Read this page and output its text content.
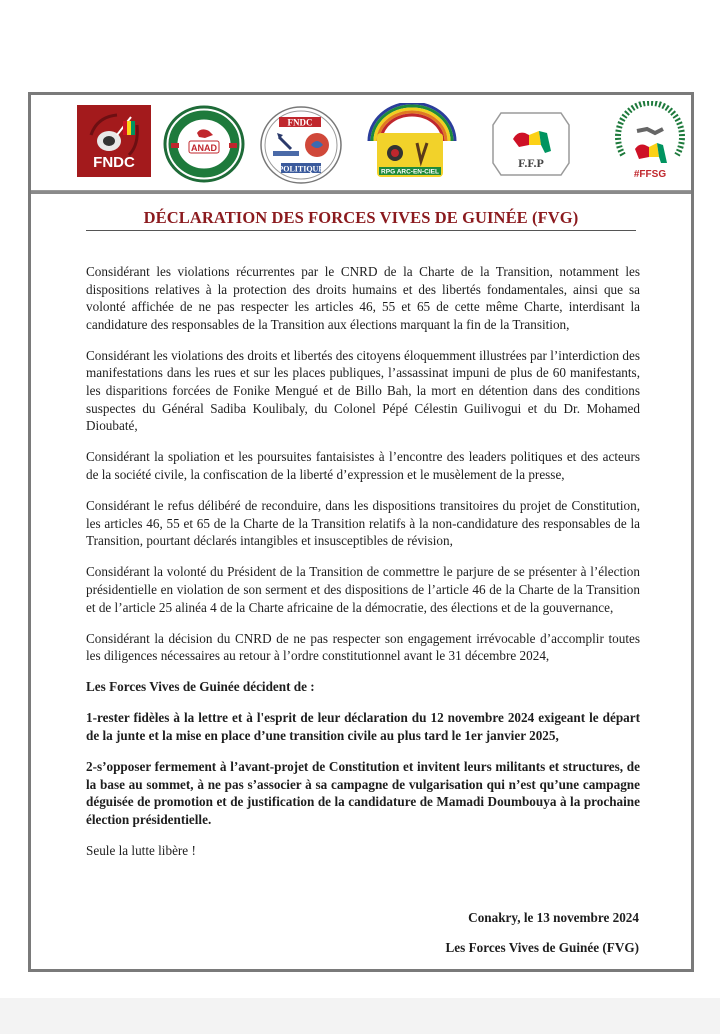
FNDC
ANAD
FNDC
POLITIQUE	RPG ARC-EN-CIEL
F.F.P
#FFSG
DÉCLARATION DES FORCES VIVES DE GUINÉE (FVG)

Considérant les violations récurrentes par le CNRD de la Charte de la Transition, notamment les dispositions relatives à la protection des droits humains et des libertés fondamentales, ainsi que sa volonté affichée de ne pas respecter les articles 46, 55 et 65 de cette même Charte, interdisant la candidature des responsables de la Transition aux élections marquant la fin de la Transition,

Considérant les violations des droits et libertés des citoyens éloquemment illustrées par l’interdiction des manifestations dans les rues et sur les places publiques, l’assassinat impuni de plus de 60 manifestants, les disparitions forcées de Fonike Mengué et de Billo Bah, la mort en détention dans des conditions suspectes du Général Sadiba Koulibaly, du Colonel Pépé Célestin Guilivogui et du Dr. Mohamed Dioubaté,

Considérant la spoliation et les poursuites fantaisistes à l’encontre des leaders politiques et des acteurs de la société civile, la confiscation de la liberté d’expression et le musèlement de la presse,

Considérant le refus délibéré de reconduire, dans les dispositions transitoires du projet de Constitution, les articles 46, 55 et 65 de la Charte de la Transition relatifs à la non-candidature des responsables de la Transition, pourtant déclarés intangibles et insusceptibles de révision,

Considérant la volonté du Président de la Transition de commettre le parjure de se présenter à l’élection présidentielle en violation de son serment et des dispositions de l’article 46 de la Charte de la Transition et de l’article 25 alinéa 4 de la Charte africaine de la démocratie, des élections et de la gouvernance,

Considérant la décision du CNRD de ne pas respecter son engagement irrévocable d’accomplir toutes les diligences nécessaires au retour à l’ordre constitutionnel avant le 31 décembre 2024,

Les Forces Vives de Guinée décident de :

1-rester fidèles à la lettre et à l'esprit de leur déclaration du 12 novembre 2024 exigeant le départ de la junte et la mise en place d’une transition civile au plus tard le 1er janvier 2025,

2-s’opposer fermement à l’avant-projet de Constitution et invitent leurs militants et structures, de la base au sommet, à ne pas s’associer à sa campagne de vulgarisation qui n’est qu’une campagne déguisée de promotion et de justification de la candidature de Mamadi Doumbouya à la prochaine élection présidentielle.

Seule la lutte libère !

Conakry, le 13 novembre 2024
Les Forces Vives de Guinée (FVG)
